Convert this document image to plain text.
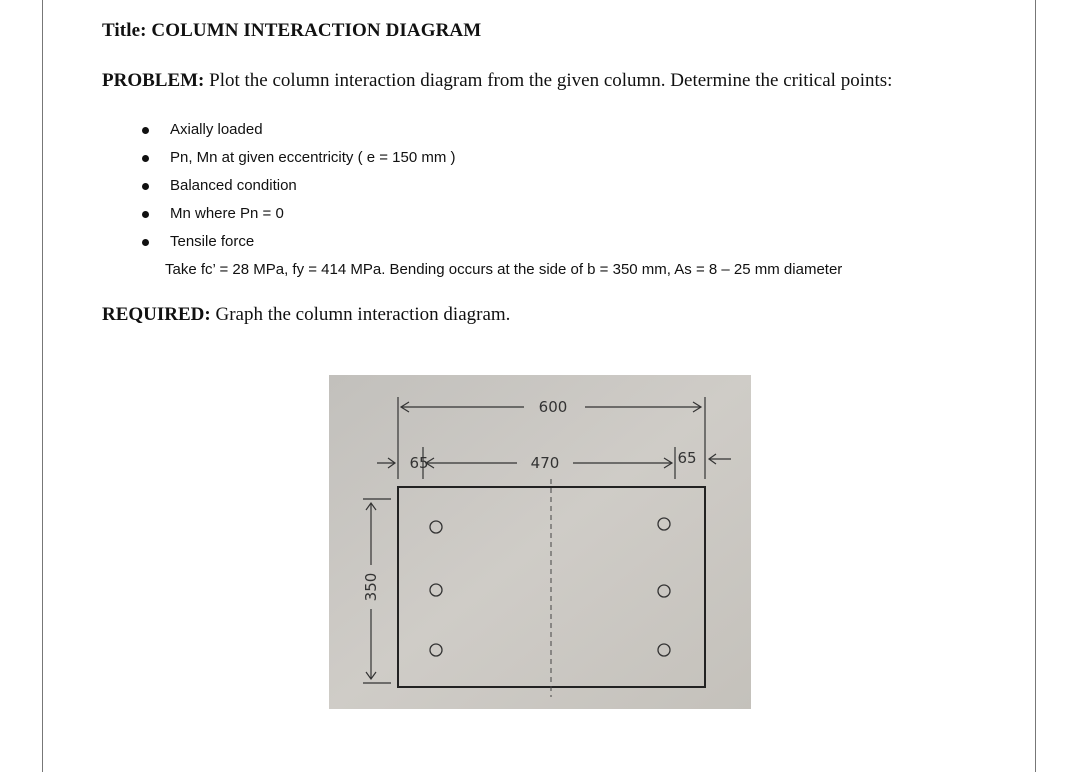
Title: COLUMN INTERACTION DIAGRAM
PROBLEM: Plot the column interaction diagram from the given column. Determine the critical points:
Axially loaded
Pn, Mn at given eccentricity ( e = 150 mm )
Balanced condition
Mn where Pn = 0
Tensile force
Take fc’ = 28 MPa, fy = 414 MPa. Bending occurs at the side of b = 350 mm, As = 8 – 25 mm diameter
REQUIRED: Graph the column interaction diagram.
600
65	470	65
350
